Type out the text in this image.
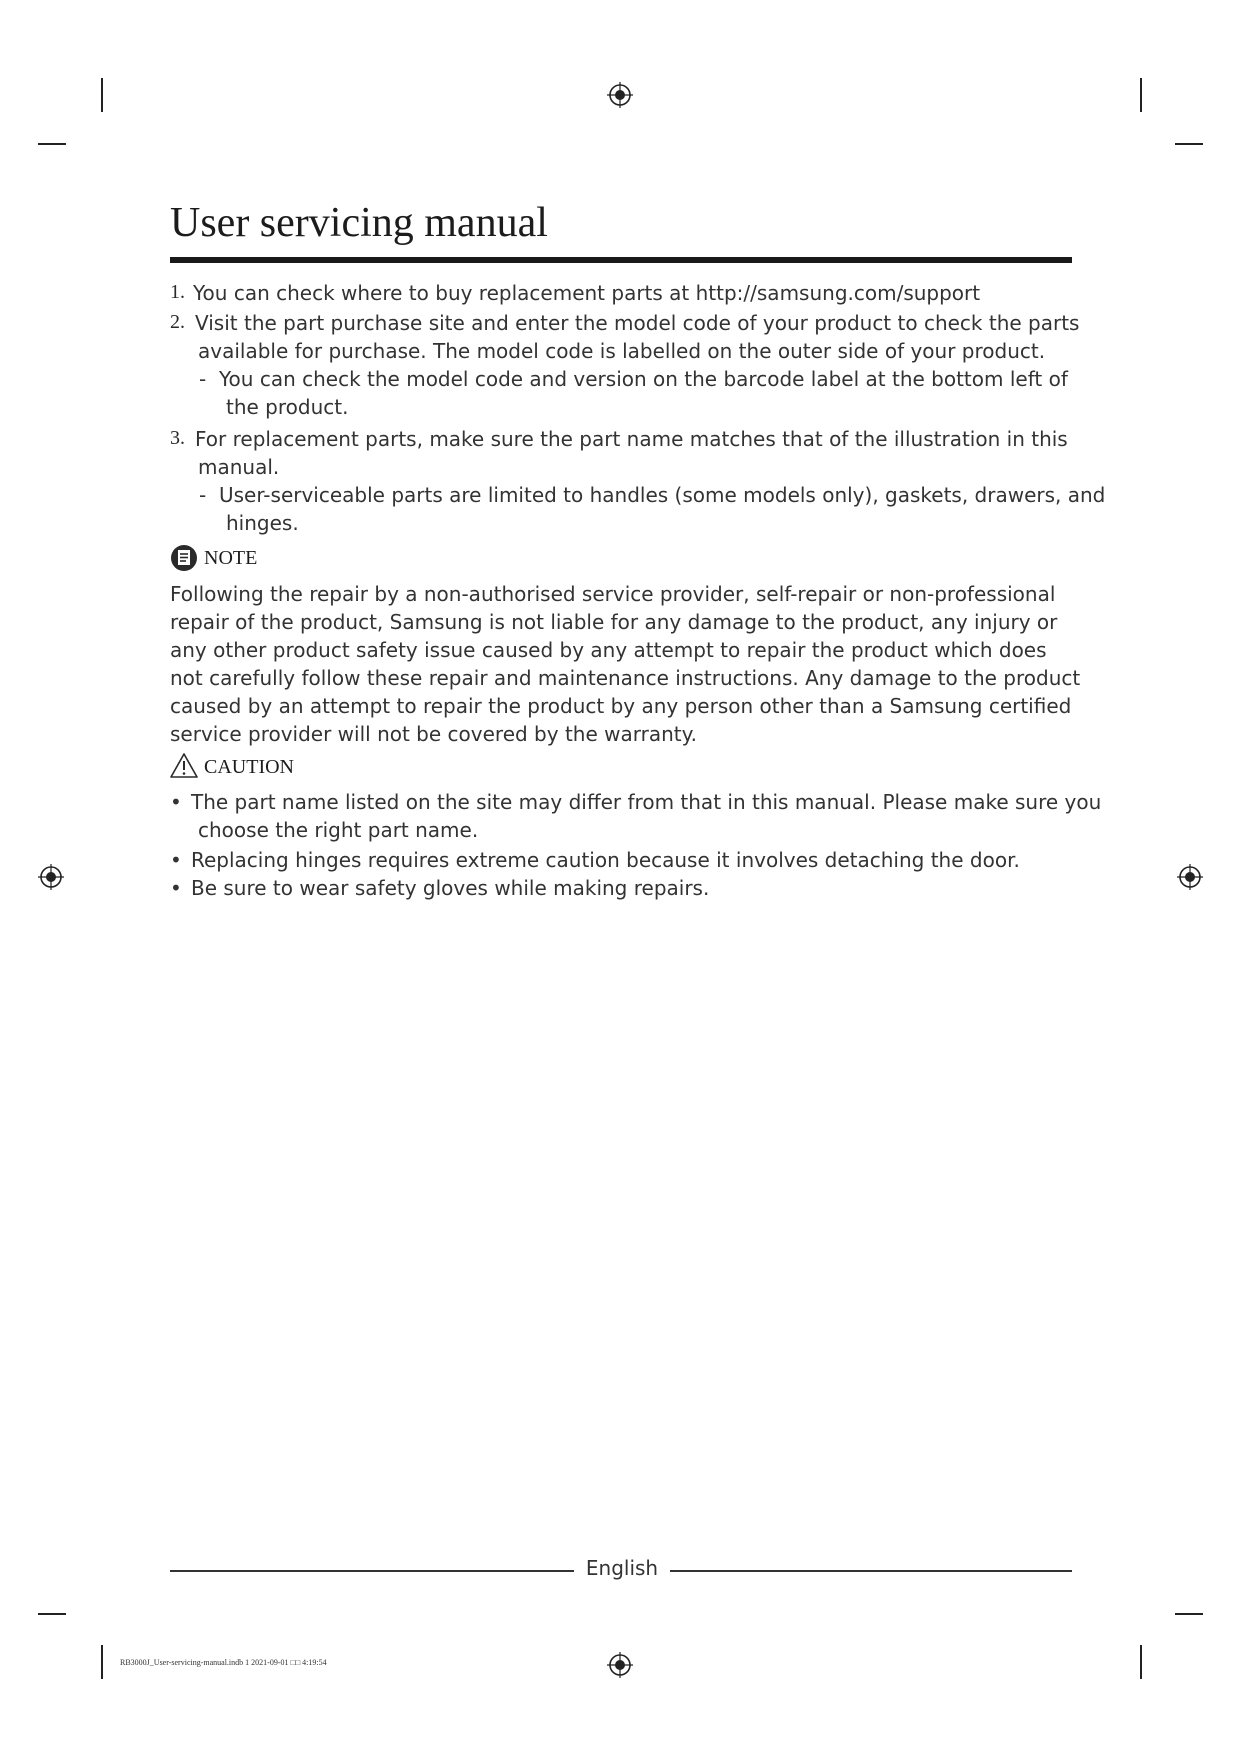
User servicing manual
1. You can check where to buy replacement parts at http://samsung.com/support
2. Visit the part purchase site and enter the model code of your product to check the parts
available for purchase. The model code is labelled on the outer side of your product.
- You can check the model code and version on the barcode label at the bottom left of
the product.
3. For replacement parts, make sure the part name matches that of the illustration in this
manual.
- User-serviceable parts are limited to handles (some models only), gaskets, drawers, and
hinges.
NOTE
Following the repair by a non-authorised service provider, self-repair or non-professional
repair of the product, Samsung is not liable for any damage to the product, any injury or
any other product safety issue caused by any attempt to repair the product which does
not carefully follow these repair and maintenance instructions. Any damage to the product
caused by an attempt to repair the product by any person other than a Samsung certified
service provider will not be covered by the warranty.
CAUTION
• The part name listed on the site may differ from that in this manual. Please make sure you
choose the right part name.
• Replacing hinges requires extreme caution because it involves detaching the door.
• Be sure to wear safety gloves while making repairs.
English
RB3000J_User-servicing-manual.indb 1 2021-09-01 □□ 4:19:54
